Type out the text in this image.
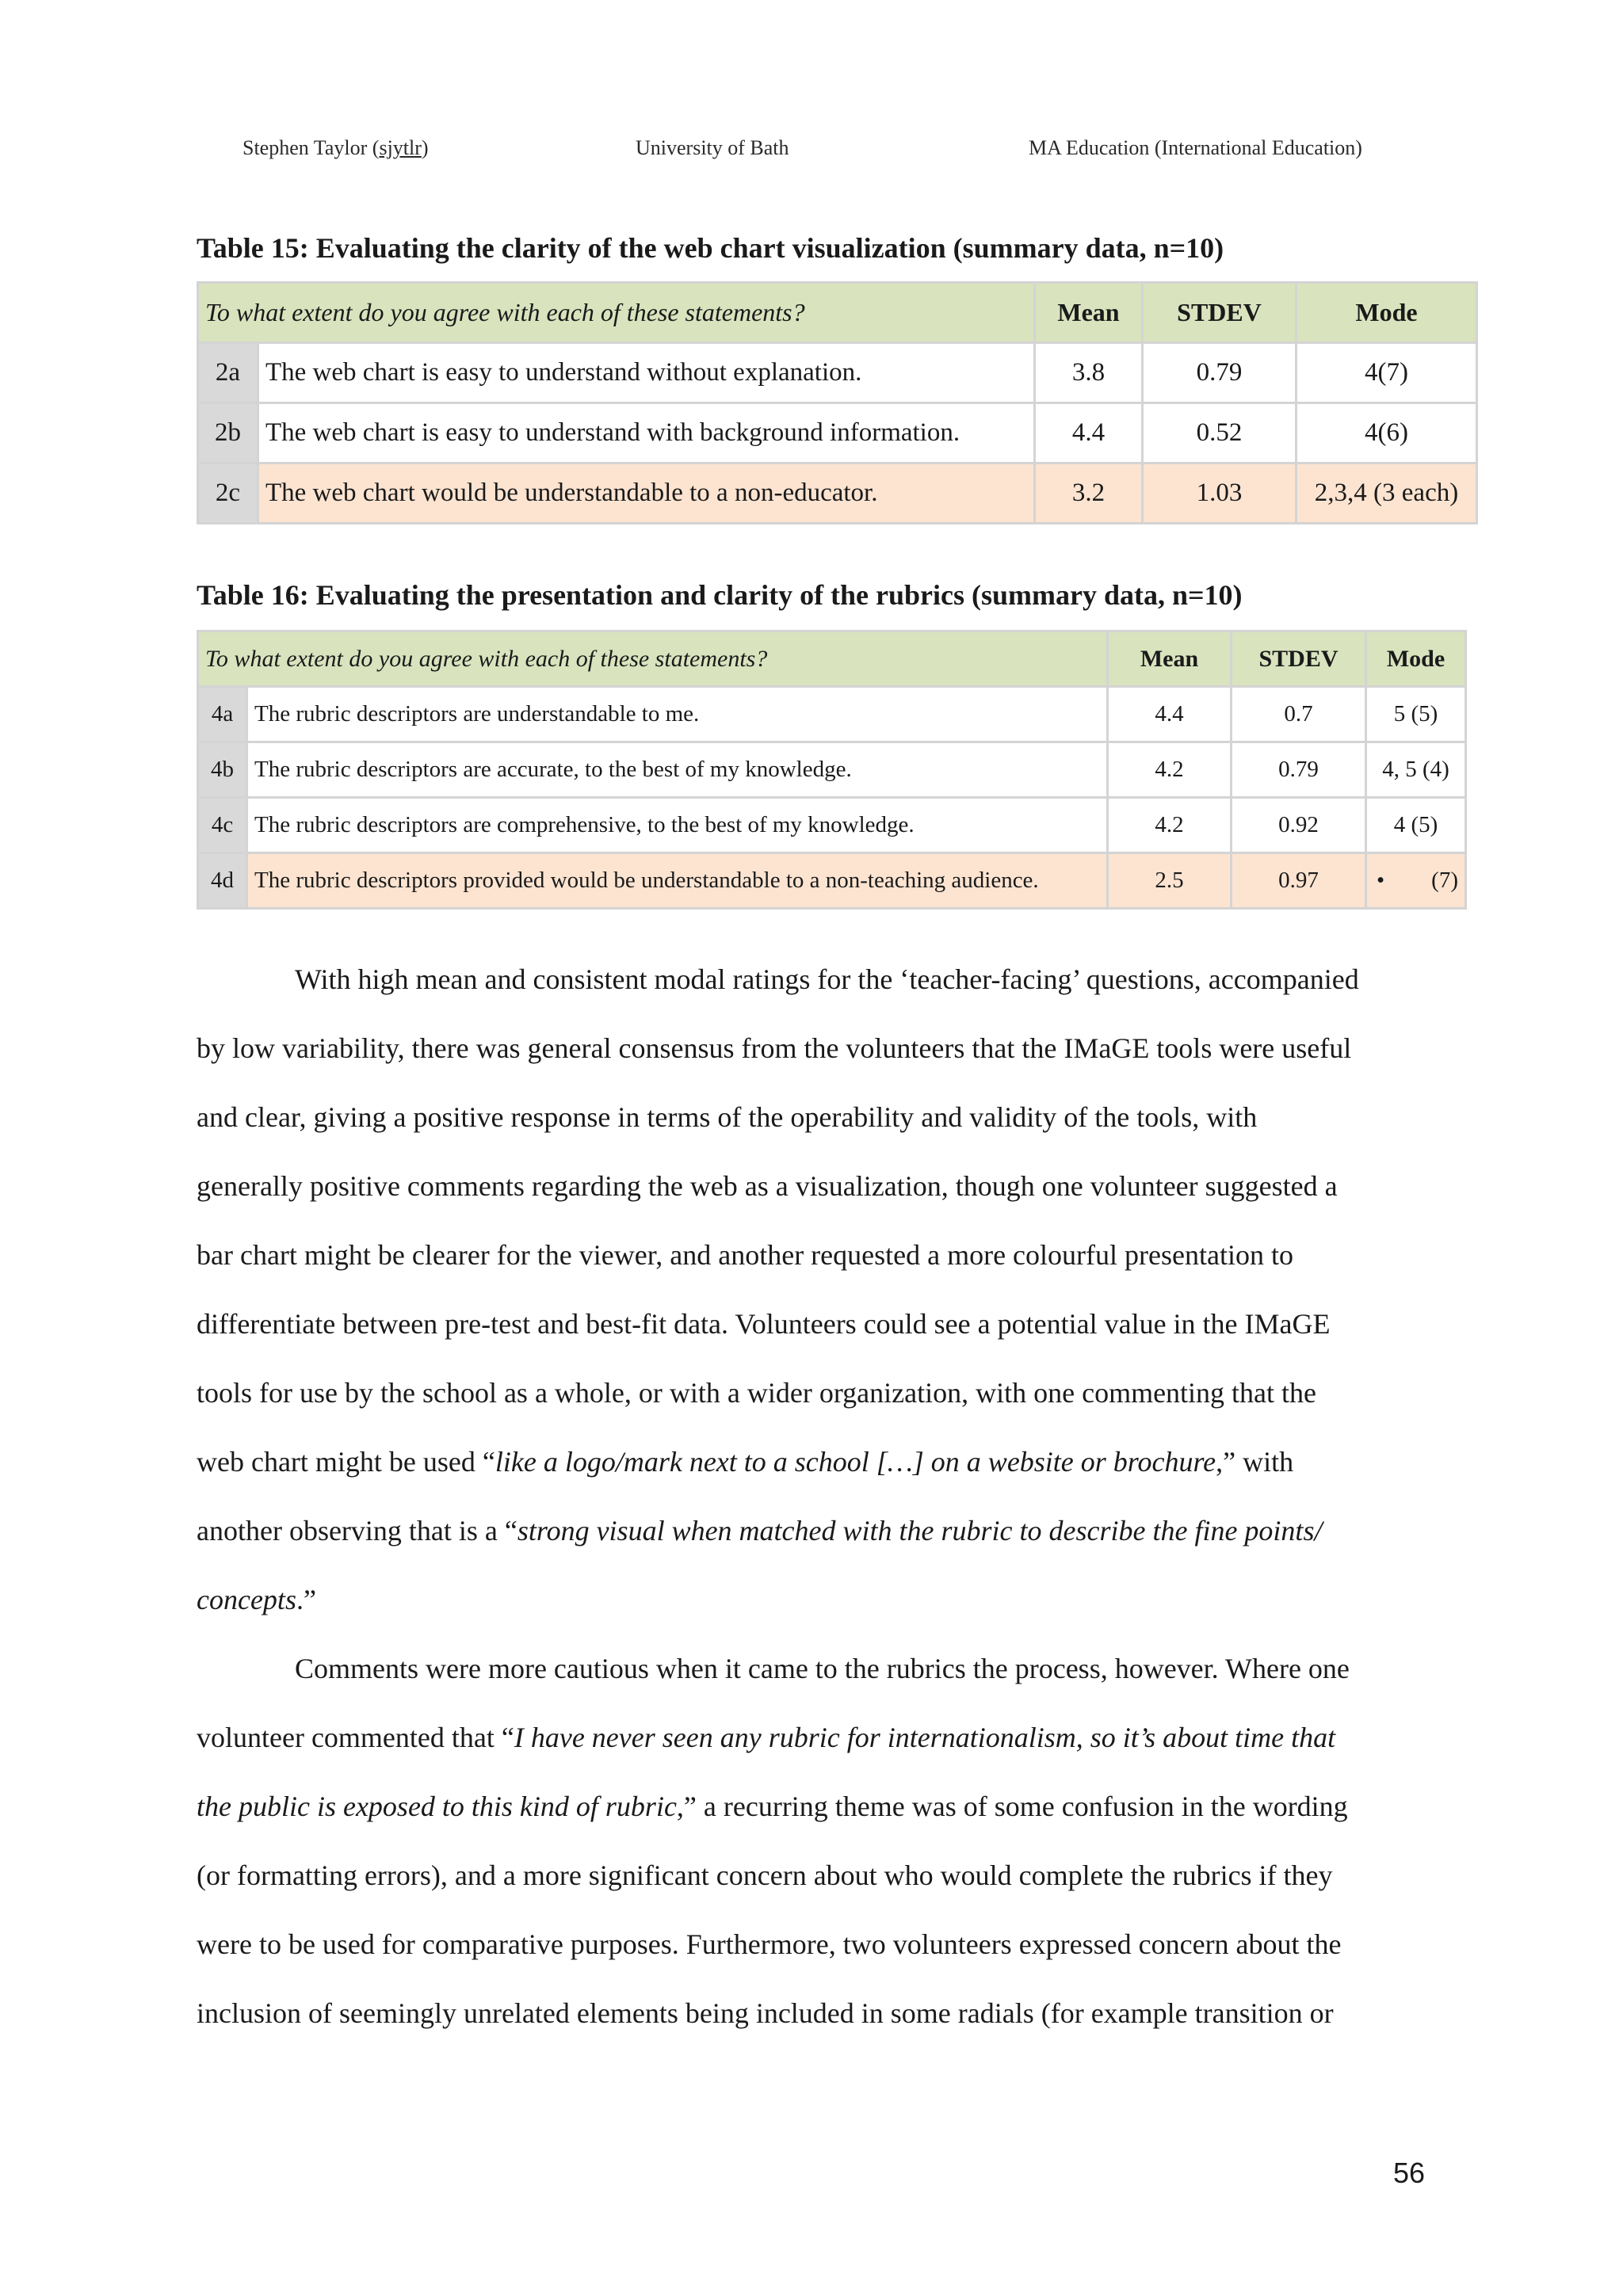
Stephen Taylor (sjytlr)	University of Bath	MA Education (International Education)
Table 15: Evaluating the clarity of the web chart visualization (summary data, n=10)
To what extent do you agree with each of these statements?		Mean	STDEV	Mode
2a	The web chart is easy to understand without explanation.	3.8	0.79	4(7)
2b	The web chart is easy to understand with background information.	4.4	0.52	4(6)
2c	The web chart would be understandable to a non-educator.	3.2	1.03	2,3,4 (3 each)
Table 16: Evaluating the presentation and clarity of the rubrics (summary data, n=10)
To what extent do you agree with each of these statements?		Mean	STDEV	Mode
4a	The rubric descriptors are understandable to me.	4.4	0.7	5 (5)
4b	The rubric descriptors are accurate, to the best of my knowledge.	4.2	0.79	4, 5 (4)
4c	The rubric descriptors are comprehensive, to the best of my knowledge.	4.2	0.92	4 (5)
4d	The rubric descriptors provided would be understandable to a non-teaching audience.	2.5	0.97	• (7)
With high mean and consistent modal ratings for the ‘teacher-facing’ questions, accompanied
by low variability, there was general consensus from the volunteers that the IMaGE tools were useful
and clear, giving a positive response in terms of the operability and validity of the tools, with
generally positive comments regarding the web as a visualization, though one volunteer suggested a
bar chart might be clearer for the viewer, and another requested a more colourful presentation to
differentiate between pre-test and best-fit data. Volunteers could see a potential value in the IMaGE
tools for use by the school as a whole, or with a wider organization, with one commenting that the
web chart might be used “like a logo/mark next to a school […] on a website or brochure,” with
another observing that is a “strong visual when matched with the rubric to describe the fine points/
concepts.”
Comments were more cautious when it came to the rubrics the process, however. Where one
volunteer commented that “I have never seen any rubric for internationalism, so it’s about time that
the public is exposed to this kind of rubric,” a recurring theme was of some confusion in the wording
(or formatting errors), and a more significant concern about who would complete the rubrics if they
were to be used for comparative purposes. Furthermore, two volunteers expressed concern about the
inclusion of seemingly unrelated elements being included in some radials (for example transition or
56
